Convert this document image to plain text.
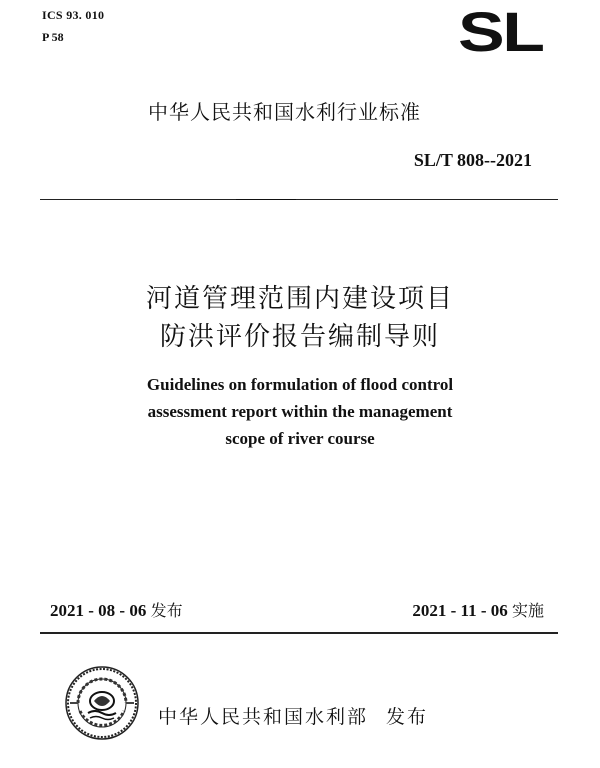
ICS 93. 010
P 58	SL
中华人民共和国水利行业标准
SL/T 808--2021
河道管理范围内建设项目
防洪评价报告编制导则
Guidelines on formulation of flood control
assessment report within the management
scope of river course
2021 - 08 - 06 发布	2021 - 11 - 06 实施
中华人民共和国水利部 发布
